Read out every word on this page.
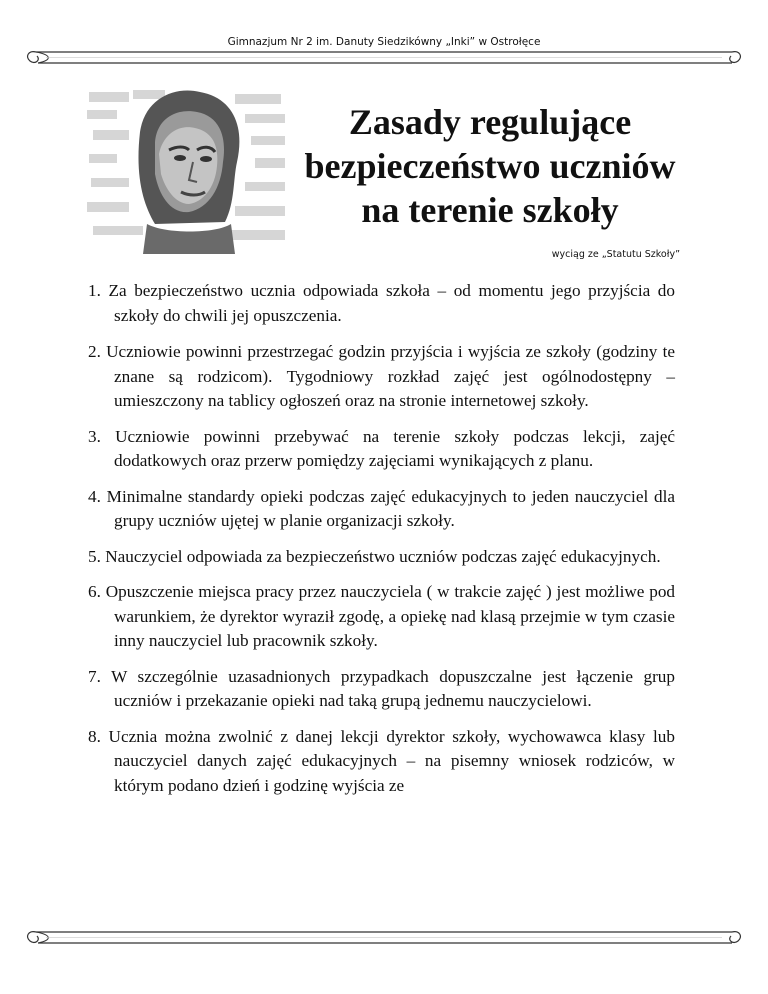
Gimnazjum Nr 2 im. Danuty Siedzikówny „Inki” w Ostrołęce
Zasady regulujące
bezpieczeństwo uczniów
na terenie szkoły
wyciąg ze „Statutu Szkoły”
1. Za bezpieczeństwo ucznia odpowiada szkoła – od momentu jego przyjścia do szkoły do chwili jej opuszczenia.
2. Uczniowie powinni przestrzegać godzin przyjścia i wyjścia ze szkoły (godziny te znane są rodzicom). Tygodniowy rozkład zajęć jest ogólnodostępny – umieszczony na tablicy ogłoszeń oraz na stronie internetowej szkoły.
3. Uczniowie powinni przebywać na terenie szkoły podczas lekcji, zajęć dodatkowych oraz przerw pomiędzy zajęciami wynikających z planu.
4. Minimalne standardy opieki podczas zajęć edukacyjnych to jeden nauczyciel dla grupy uczniów ujętej w planie organizacji szkoły.
5. Nauczyciel odpowiada za bezpieczeństwo uczniów podczas zajęć edukacyjnych.
6. Opuszczenie miejsca pracy przez nauczyciela ( w trakcie zajęć ) jest możliwe pod warunkiem, że dyrektor wyraził zgodę, a opiekę nad klasą przejmie w tym czasie inny nauczyciel lub pracownik szkoły.
7. W szczególnie uzasadnionych przypadkach dopuszczalne jest łączenie grup uczniów i przekazanie opieki nad taką grupą jednemu nauczycielowi.
8. Ucznia można zwolnić z danej lekcji dyrektor szkoły, wychowawca klasy lub nauczyciel danych zajęć edukacyjnych – na pisemny wniosek rodziców, w którym podano dzień i godzinę wyjścia ze
